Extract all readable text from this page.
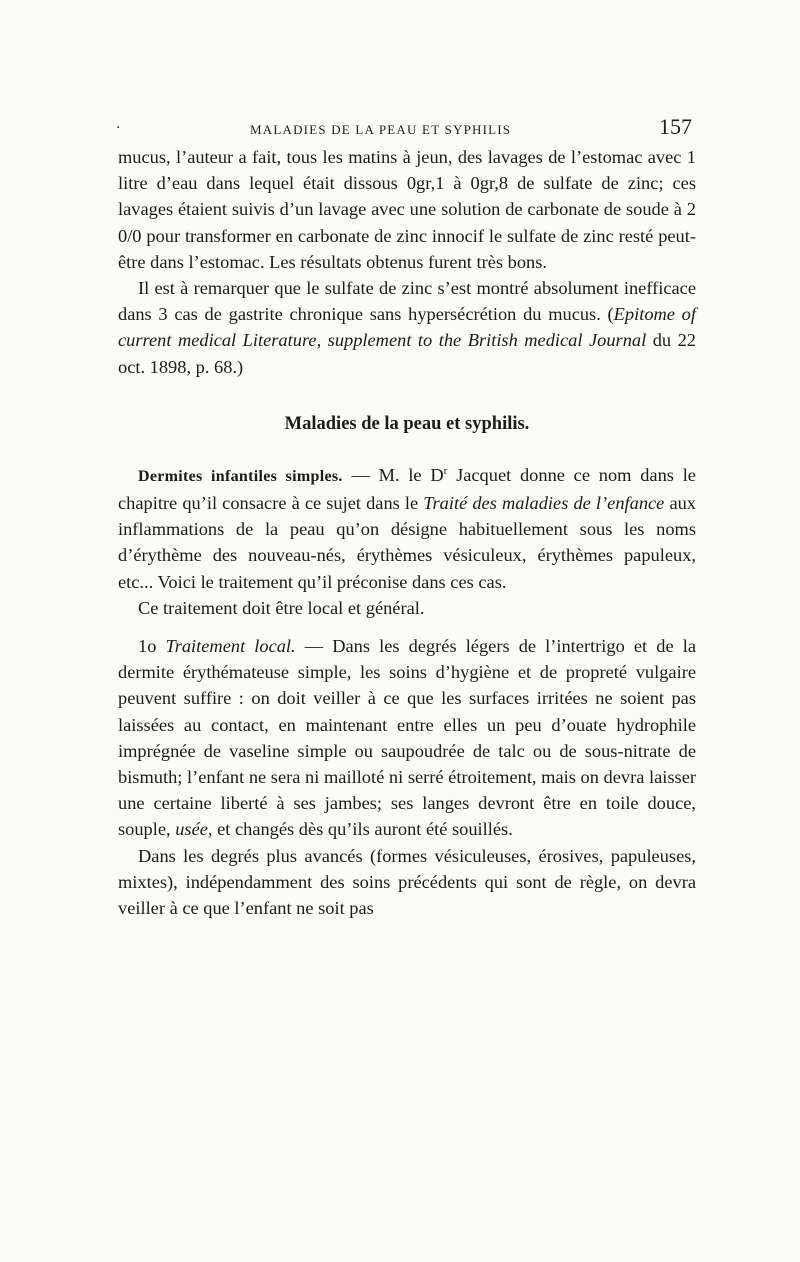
.	MALADIES DE LA PEAU ET SYPHILIS	157

mucus, l’auteur a fait, tous les matins à jeun, des lavages de l’estomac avec 1 litre d’eau dans lequel était dissous 0gr,1 à 0gr,8 de sulfate de zinc; ces lavages étaient suivis d’un lavage avec une solution de carbonate de soude à 2 0/0 pour transformer en carbonate de zinc innocif le sulfate de zinc resté peut-être dans l’estomac. Les résultats obtenus furent très bons.

Il est à remarquer que le sulfate de zinc s’est montré absolument inefficace dans 3 cas de gastrite chronique sans hypersécrétion du mucus. (Epitome of current medical Literature, supplement to the British medical Journal du 22 oct. 1898, p. 68.)

Maladies de la peau et syphilis.

Dermites infantiles simples. — M. le $D^r$ Jacquet donne ce nom dans le chapitre qu’il consacre à ce sujet dans le Traité des maladies de l’enfance aux inflammations de la peau qu’on désigne habituellement sous les noms d’érythème des nouveau-nés, érythèmes vésiculeux, érythèmes papuleux, etc... Voici le traitement qu’il préconise dans ces cas.

Ce traitement doit être local et général.

1o Traitement local. — Dans les degrés légers de l’intertrigo et de la dermite érythémateuse simple, les soins d’hygiène et de propreté vulgaire peuvent suffire : on doit veiller à ce que les surfaces irritées ne soient pas laissées au contact, en maintenant entre elles un peu d’ouate hydrophile imprégnée de vaseline simple ou saupoudrée de talc ou de sous-nitrate de bismuth; l’enfant ne sera ni mailloté ni serré étroitement, mais on devra laisser une certaine liberté à ses jambes; ses langes devront être en toile douce, souple, usée, et changés dès qu’ils auront été souillés.

Dans les degrés plus avancés (formes vésiculeuses, érosives, papuleuses, mixtes), indépendamment des soins précédents qui sont de règle, on devra veiller à ce que l’enfant ne soit pas
